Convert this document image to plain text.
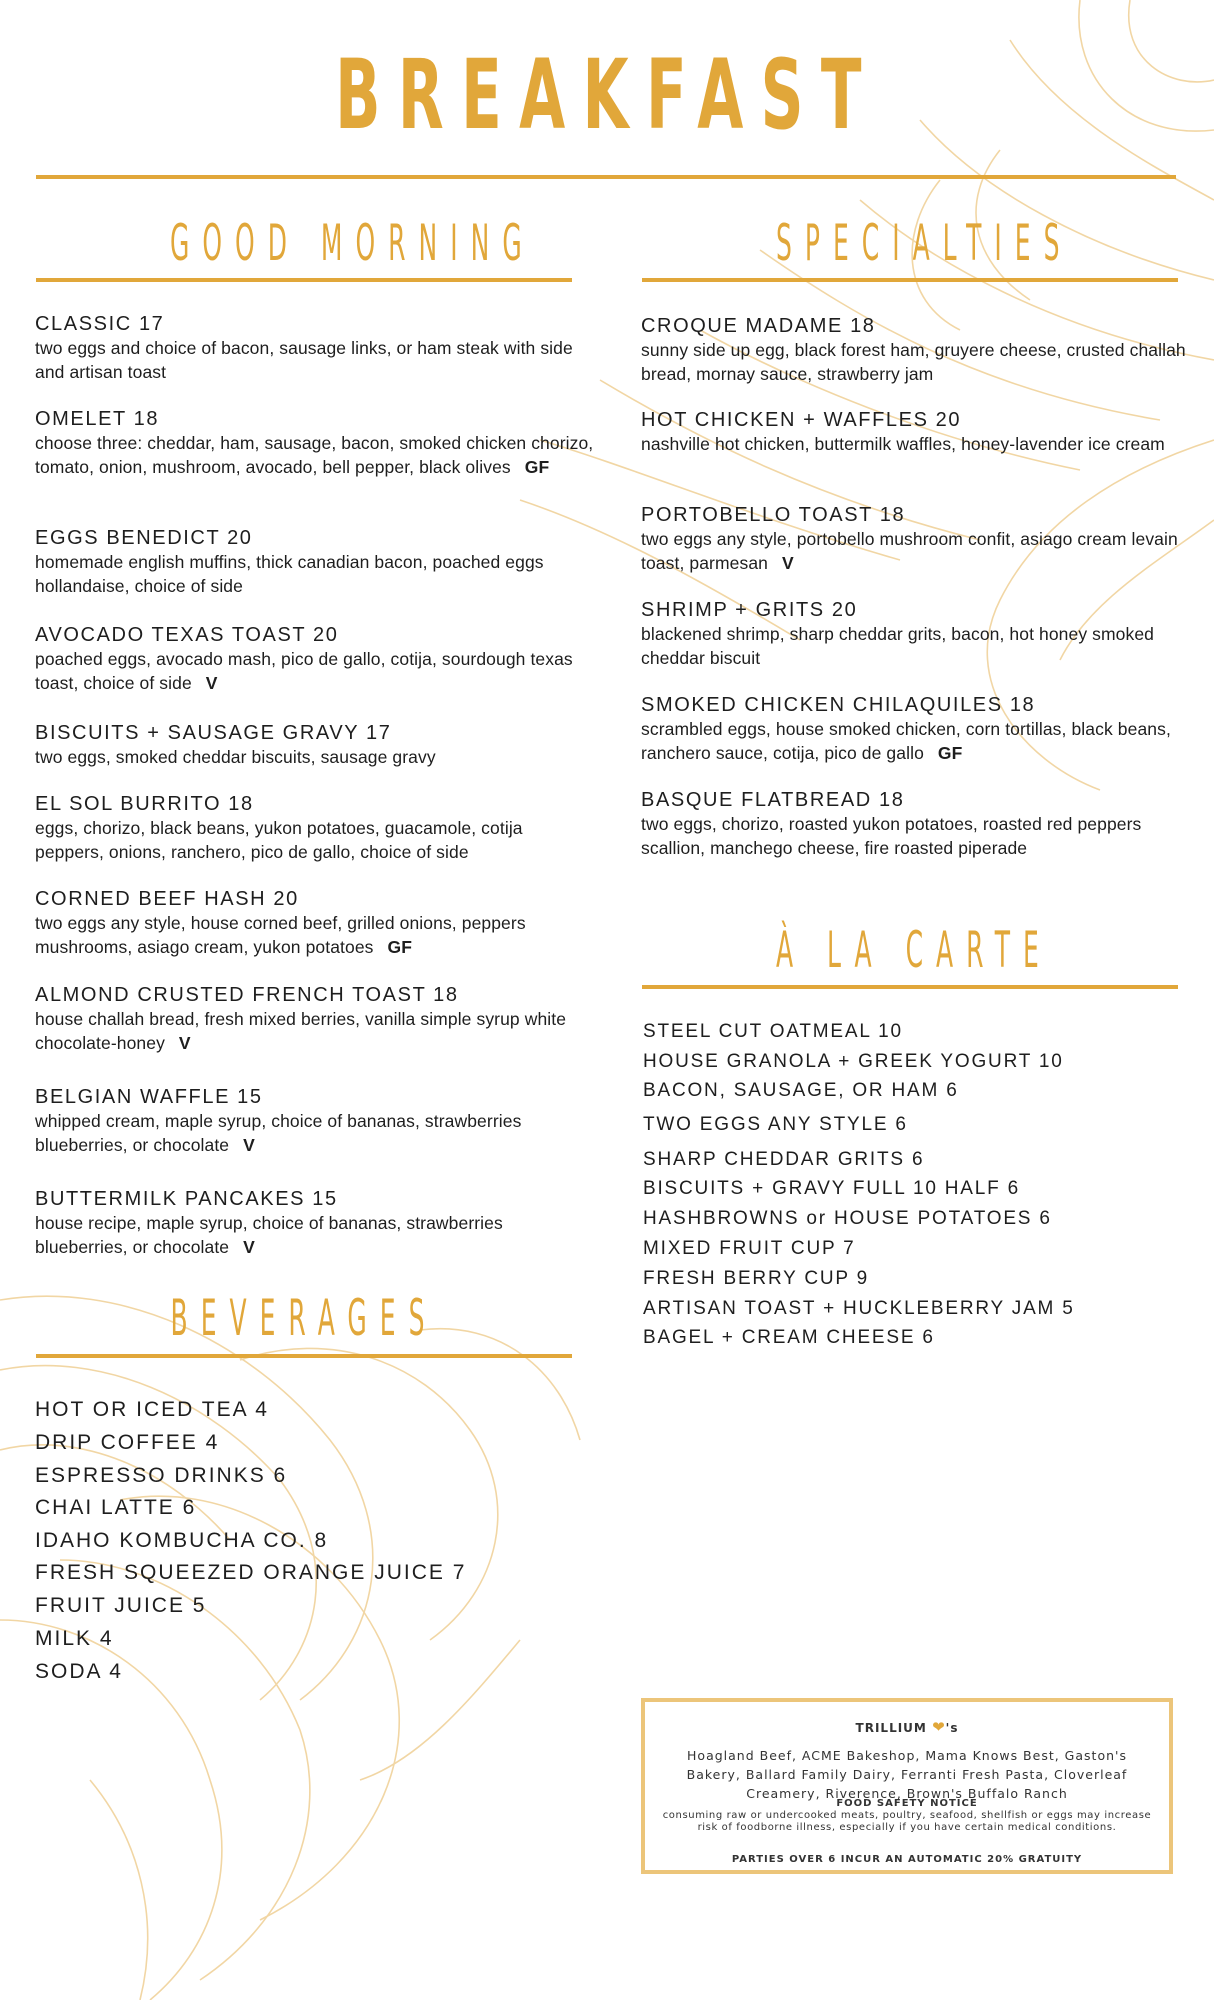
BREAKFAST
GOOD MORNING
CLASSIC 17
two eggs and choice of bacon, sausage links, or ham steak with side and artisan toast
OMELET 18
choose three: cheddar, ham, sausage, bacon, smoked chicken chorizo, tomato, onion, mushroom, avocado, bell pepper, black olives GF
EGGS BENEDICT 20
homemade english muffins, thick canadian bacon, poached eggs hollandaise, choice of side
AVOCADO TEXAS TOAST 20
poached eggs, avocado mash, pico de gallo, cotija, sourdough texas toast, choice of side V
BISCUITS + SAUSAGE GRAVY 17
two eggs, smoked cheddar biscuits, sausage gravy
EL SOL BURRITO 18
eggs, chorizo, black beans, yukon potatoes, guacamole, cotija peppers, onions, ranchero, pico de gallo, choice of side
CORNED BEEF HASH 20
two eggs any style, house corned beef, grilled onions, peppers mushrooms, asiago cream, yukon potatoes GF
ALMOND CRUSTED FRENCH TOAST 18
house challah bread, fresh mixed berries, vanilla simple syrup white chocolate-honey V
BELGIAN WAFFLE 15
whipped cream, maple syrup, choice of bananas, strawberries blueberries, or chocolate V
BUTTERMILK PANCAKES 15
house recipe, maple syrup, choice of bananas, strawberries blueberries, or chocolate V
SPECIALTIES
CROQUE MADAME 18
sunny side up egg, black forest ham, gruyere cheese, crusted challah bread, mornay sauce, strawberry jam
HOT CHICKEN + WAFFLES 20
nashville hot chicken, buttermilk waffles, honey-lavender ice cream
PORTOBELLO TOAST 18
two eggs any style, portobello mushroom confit, asiago cream levain toast, parmesan V
SHRIMP + GRITS 20
blackened shrimp, sharp cheddar grits, bacon, hot honey smoked cheddar biscuit
SMOKED CHICKEN CHILAQUILES 18
scrambled eggs, house smoked chicken, corn tortillas, black beans, ranchero sauce, cotija, pico de gallo GF
BASQUE FLATBREAD 18
two eggs, chorizo, roasted yukon potatoes, roasted red peppers scallion, manchego cheese, fire roasted piperade
À LA CARTE
STEEL CUT OATMEAL 10
HOUSE GRANOLA + GREEK YOGURT 10
BACON, SAUSAGE, OR HAM 6
TWO EGGS ANY STYLE 6
SHARP CHEDDAR GRITS 6
BISCUITS + GRAVY FULL 10 HALF 6
HASHBROWNS or HOUSE POTATOES 6
MIXED FRUIT CUP 7
FRESH BERRY CUP 9
ARTISAN TOAST + HUCKLEBERRY JAM 5
BAGEL + CREAM CHEESE 6
BEVERAGES
HOT OR ICED TEA 4
DRIP COFFEE 4
ESPRESSO DRINKS 6
CHAI LATTE 6
IDAHO KOMBUCHA CO. 8
FRESH SQUEEZED ORANGE JUICE 7
FRUIT JUICE 5
MILK 4
SODA 4
TRILLIUM ❤'s
Hoagland Beef, ACME Bakeshop, Mama Knows Best, Gaston's Bakery, Ballard Family Dairy, Ferranti Fresh Pasta, Cloverleaf Creamery, Riverence, Brown's Buffalo Ranch
PARTIES OVER 6 INCUR AN AUTOMATIC 20% GRATUITY
FOOD SAFETY NOTICE
consuming raw or undercooked meats, poultry, seafood, shellfish or eggs may increase risk of foodborne illness, especially if you have certain medical conditions.
